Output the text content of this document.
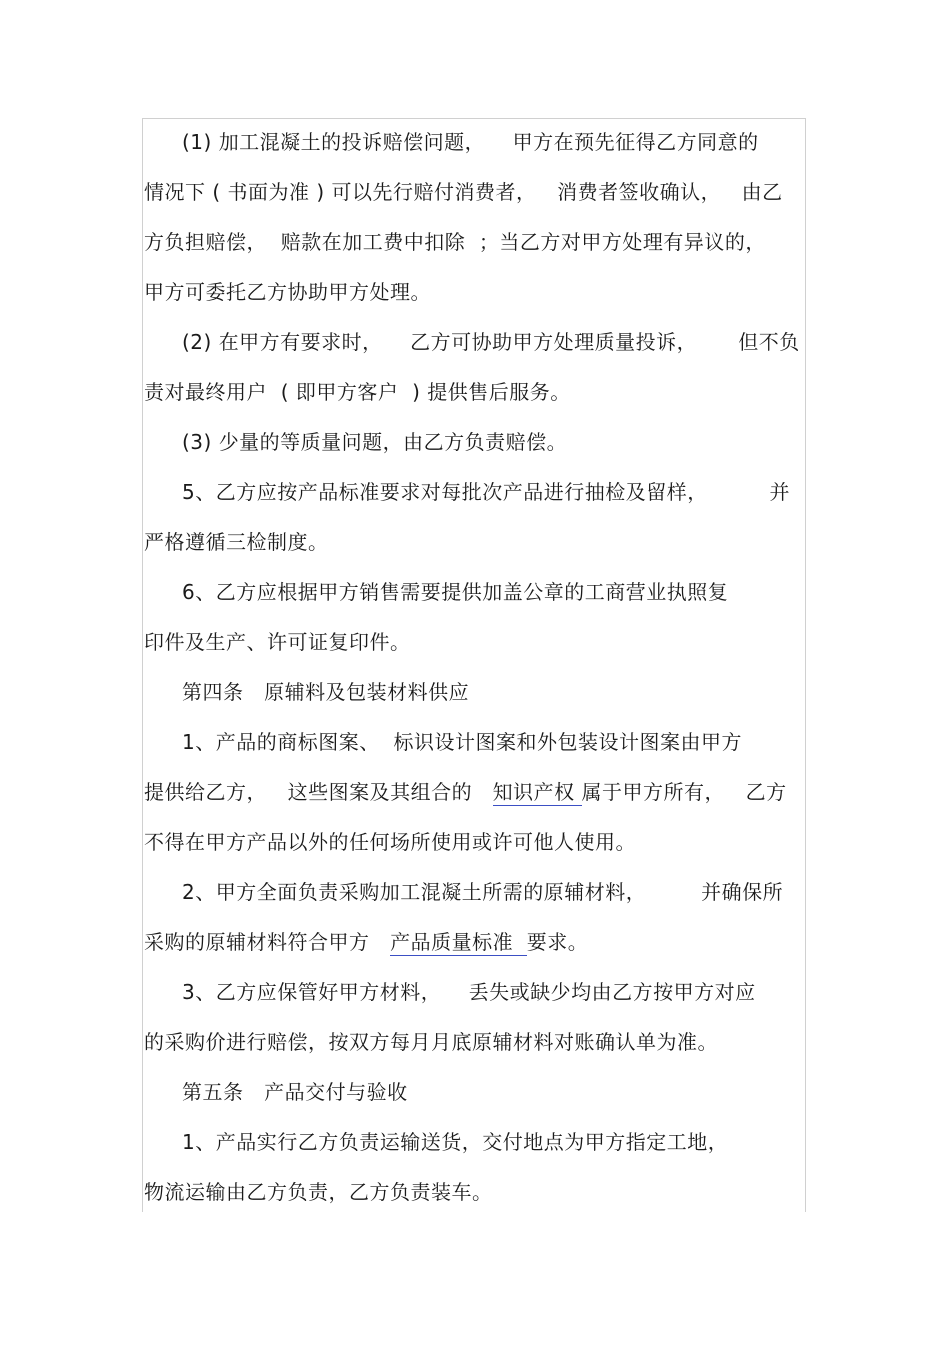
(1) 加工混凝土的投诉赔偿问题，    甲方在预先征得乙方同意的
情况下 ( 书面为准 ) 可以先行赔付消费者，   消费者签收确认，   由乙
方负担赔偿，  赔款在加工费中扣除  ；当乙方对甲方处理有异议的，
甲方可委托乙方协助甲方处理。
(2) 在甲方有要求时，    乙方可协助甲方处理质量投诉，      但不负
责对最终用户  ( 即甲方客户  ) 提供售后服务。
(3) 少量的等质量问题，由乙方负责赔偿。
5、乙方应按产品标准要求对每批次产品进行抽检及留样，         并
严格遵循三检制度。
6、乙方应根据甲方销售需要提供加盖公章的工商营业执照复
印件及生产、许可证复印件。
第四条   原辅料及包装材料供应
1、产品的商标图案、  标识设计图案和外包装设计图案由甲方
提供给乙方，   这些图案及其组合的   知识产权 属于甲方所有，   乙方
不得在甲方产品以外的任何场所使用或许可他人使用。
2、甲方全面负责采购加工混凝土所需的原辅材料，        并确保所
采购的原辅材料符合甲方   产品质量标准  要求。
3、乙方应保管好甲方材料，    丢失或缺少均由乙方按甲方对应
的采购价进行赔偿，按双方每月月底原辅材料对账确认单为准。
第五条   产品交付与验收
1、产品实行乙方负责运输送货，交付地点为甲方指定工地，
物流运输由乙方负责，乙方负责装车。
